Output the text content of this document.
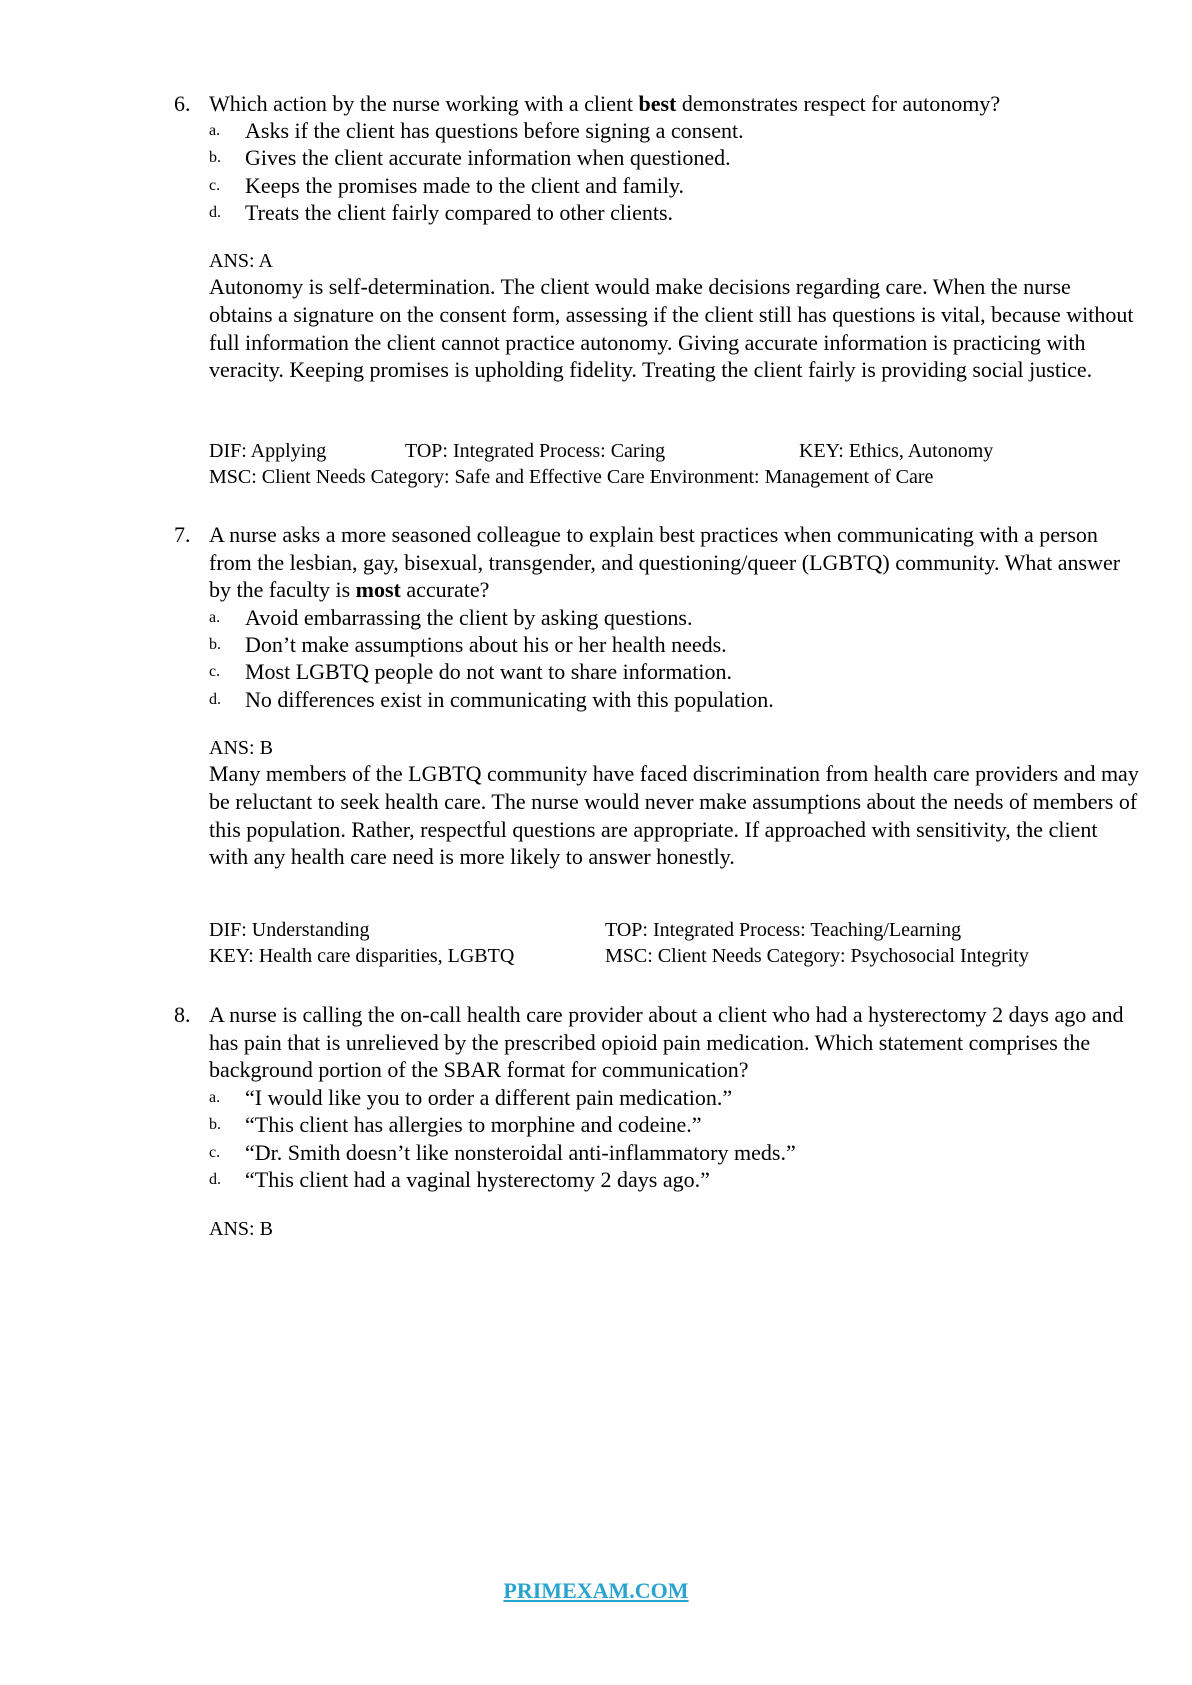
6. Which action by the nurse working with a client best demonstrates respect for autonomy?
a. Asks if the client has questions before signing a consent.
b. Gives the client accurate information when questioned.
c. Keeps the promises made to the client and family.
d. Treats the client fairly compared to other clients.
ANS: A
Autonomy is self-determination. The client would make decisions regarding care. When the nurse obtains a signature on the consent form, assessing if the client still has questions is vital, because without full information the client cannot practice autonomy. Giving accurate information is practicing with veracity. Keeping promises is upholding fidelity. Treating the client fairly is providing social justice.
DIF: Applying	TOP: Integrated Process: Caring	KEY: Ethics, Autonomy
MSC: Client Needs Category: Safe and Effective Care Environment: Management of Care
7. A nurse asks a more seasoned colleague to explain best practices when communicating with a person from the lesbian, gay, bisexual, transgender, and questioning/queer (LGBTQ) community. What answer by the faculty is most accurate?
a. Avoid embarrassing the client by asking questions.
b. Don’t make assumptions about his or her health needs.
c. Most LGBTQ people do not want to share information.
d. No differences exist in communicating with this population.
ANS: B
Many members of the LGBTQ community have faced discrimination from health care providers and may be reluctant to seek health care. The nurse would never make assumptions about the needs of members of this population. Rather, respectful questions are appropriate. If approached with sensitivity, the client with any health care need is more likely to answer honestly.
DIF: Understanding	TOP: Integrated Process: Teaching/Learning
KEY: Health care disparities, LGBTQ	MSC: Client Needs Category: Psychosocial Integrity
8. A nurse is calling the on-call health care provider about a client who had a hysterectomy 2 days ago and has pain that is unrelieved by the prescribed opioid pain medication. Which statement comprises the background portion of the SBAR format for communication?
a. “I would like you to order a different pain medication.”
b. “This client has allergies to morphine and codeine.”
c. “Dr. Smith doesn’t like nonsteroidal anti-inflammatory meds.”
d. “This client had a vaginal hysterectomy 2 days ago.”
ANS: B
PRIMEXAM.COM
